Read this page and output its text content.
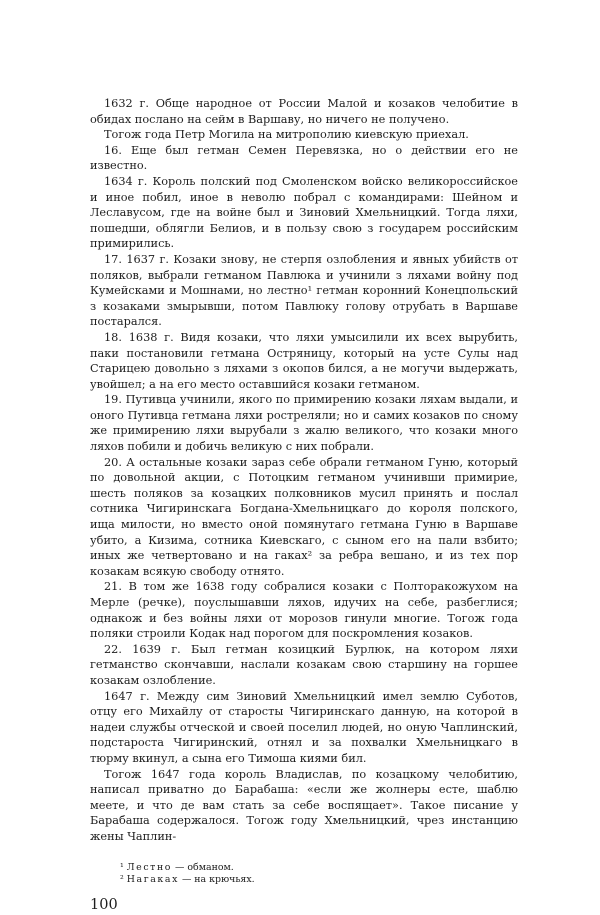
1632 г. Обще народное от России Малой и козаков челобитие в обидах послано на сейм в Варшаву, но ничего не получено.

Тогож года Петр Могила на митрополию киевскую приехал.

16. Еще был гетман Семен Перевязка, но о действии его не известно.

1634 г. Король полский под Смоленском войско великороссийское и иное побил, иное в неволю побрал с командирами: Шейном и Леславусом, где на войне был и Зиновий Хмельницкий. Тогда ляхи, пошедши, облягли Белиов, и в пользу свою з государем российским примирились.

17. 1637 г. Козаки знову, не стерпя озлобления и явных убийств от поляков, выбрали гетманом Павлюка и учинили з ляхами войну под Кумейсками и Мошнами, но лестно¹ гетман коронний Конецпольский з козаками змырывши, потом Павлюку голову отрубать в Варшаве постарался.

18. 1638 г. Видя козаки, что ляхи умысилили их всех вырубить, паки постановили гетмана Остряницу, который на усте Сулы над Старицею довольно з ляхами з окопов бился, а не могучи выдержать, увойшел; а на его место оставшийся козаки гетманом.

19. Путивца учинили, якого по примирению козаки ляхам выдали, и оного Путивца гетмана ляхи ростреляли; но и самих козаков по сному же примирению ляхи вырубали з жалю великого, что козаки много ляхов побили и добичь великую с них побрали.

20. А остальные козаки зараз себе обрали гетманом Гуню, который по довольной акции, с Потоцким гетманом учинивши примирие, шесть поляков за козацких полковников мусил принять и послал сотника Чигиринскага Богдана-Хмельницкаго до короля полского, ища милости, но вместо оной помянутаго гетмана Гуню в Варшаве убито, а Кизима, сотника Киевскаго, с сыном его на пали взбито; иных же четвертовано и на гаках² за ребра вешано, и из тех пор козакам всякую свободу отнято.

21. В том же 1638 году собралися козаки с Полторакожухом на Мерле (речке), поуслышавши ляхов, идучих на себе, разбеглися; однакож и без войны ляхи от морозов гинули многие. Тогож года поляки строили Кодак над порогом для поскромления козаков.

22. 1639 г. Был гетман козицкий Бурлюк, на котором ляхи гетманство скончавши, наслали козакам свою старшину на горшее козакам озлобление.

1647 г. Между сим Зиновий Хмельницкий имел землю Суботов, отцу его Михайлу от старосты Чигиринскаго данную, на которой в надеи службы отческой и своей поселил людей, но оную Чаплинский, подстароста Чигиринский, отнял и за похвалки Хмельницкаго в тюрму вкинул, а сына его Тимоша киями бил.

Тогож 1647 года король Владислав, по козацкому челобитию, написал приватно до Барабаша: «если же жолнеры есте, шаблю меете, и что де вам стать за себе воспящает». Такое писание у Барабаша содержалося. Тогож году Хмельницкий, чрез инстанцию жены Чаплин-

¹ Лестно — обманом.

² Нагаках — на крючьях.

100
